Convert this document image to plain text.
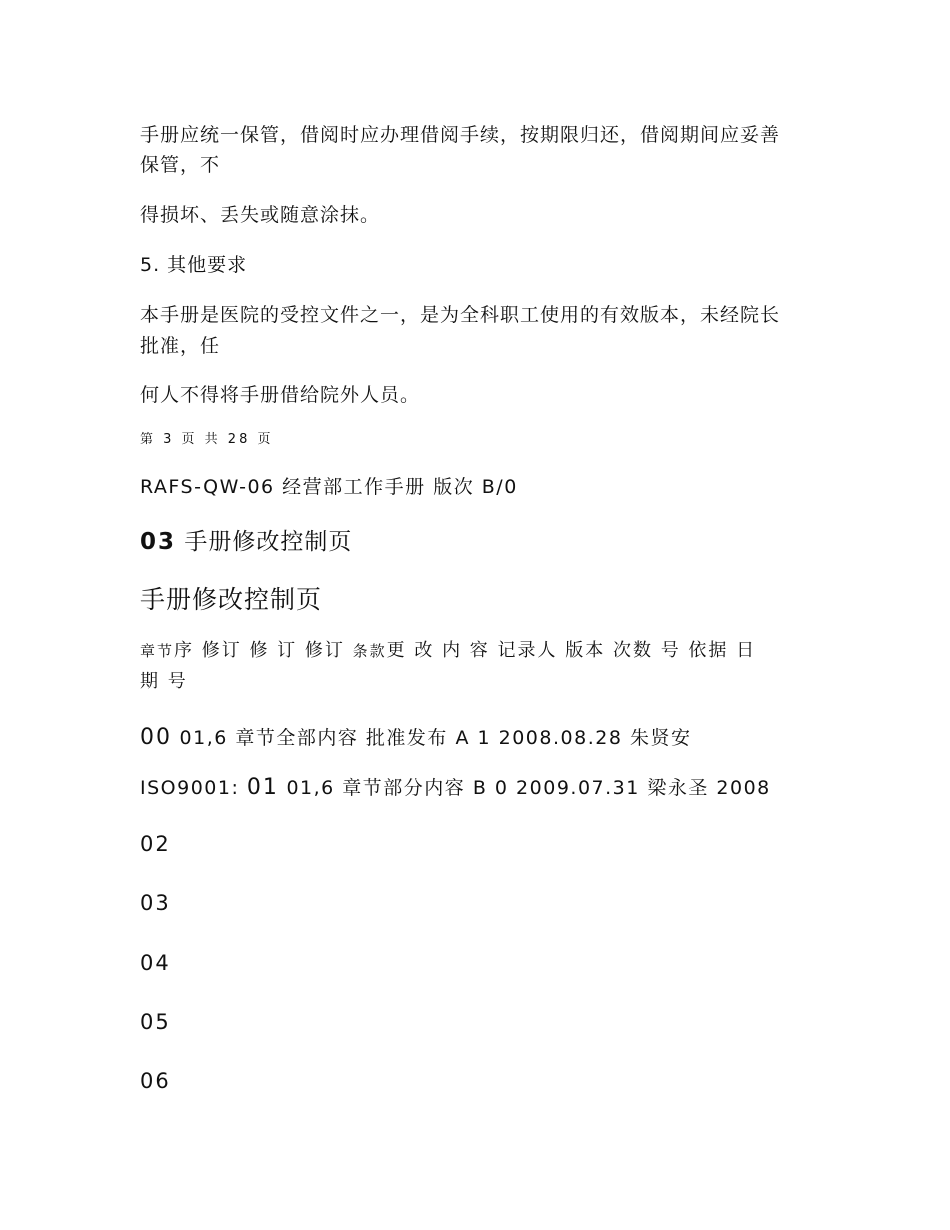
手册应统一保管，借阅时应办理借阅手续，按期限归还，借阅期间应妥善
保管，不
得损坏、丢失或随意涂抹。
5. 其他要求
本手册是医院的受控文件之一，是为全科职工使用的有效版本，未经院长
批准，任
何人不得将手册借给院外人员。
第 3 页 共 28 页
RAFS-QW-06 经营部工作手册 版次 B/0
03 手册修改控制页
手册修改控制页
章节序 修订 修 订 修订 条款更 改 内 容 记录人 版本 次数 号 依据 日
期 号
00 01,6 章节全部内容 批准发布 A 1 2008.08.28 朱贤安
ISO9001: 01 01,6 章节部分内容 B 0 2009.07.31 梁永圣 2008
02
03
04
05
06
